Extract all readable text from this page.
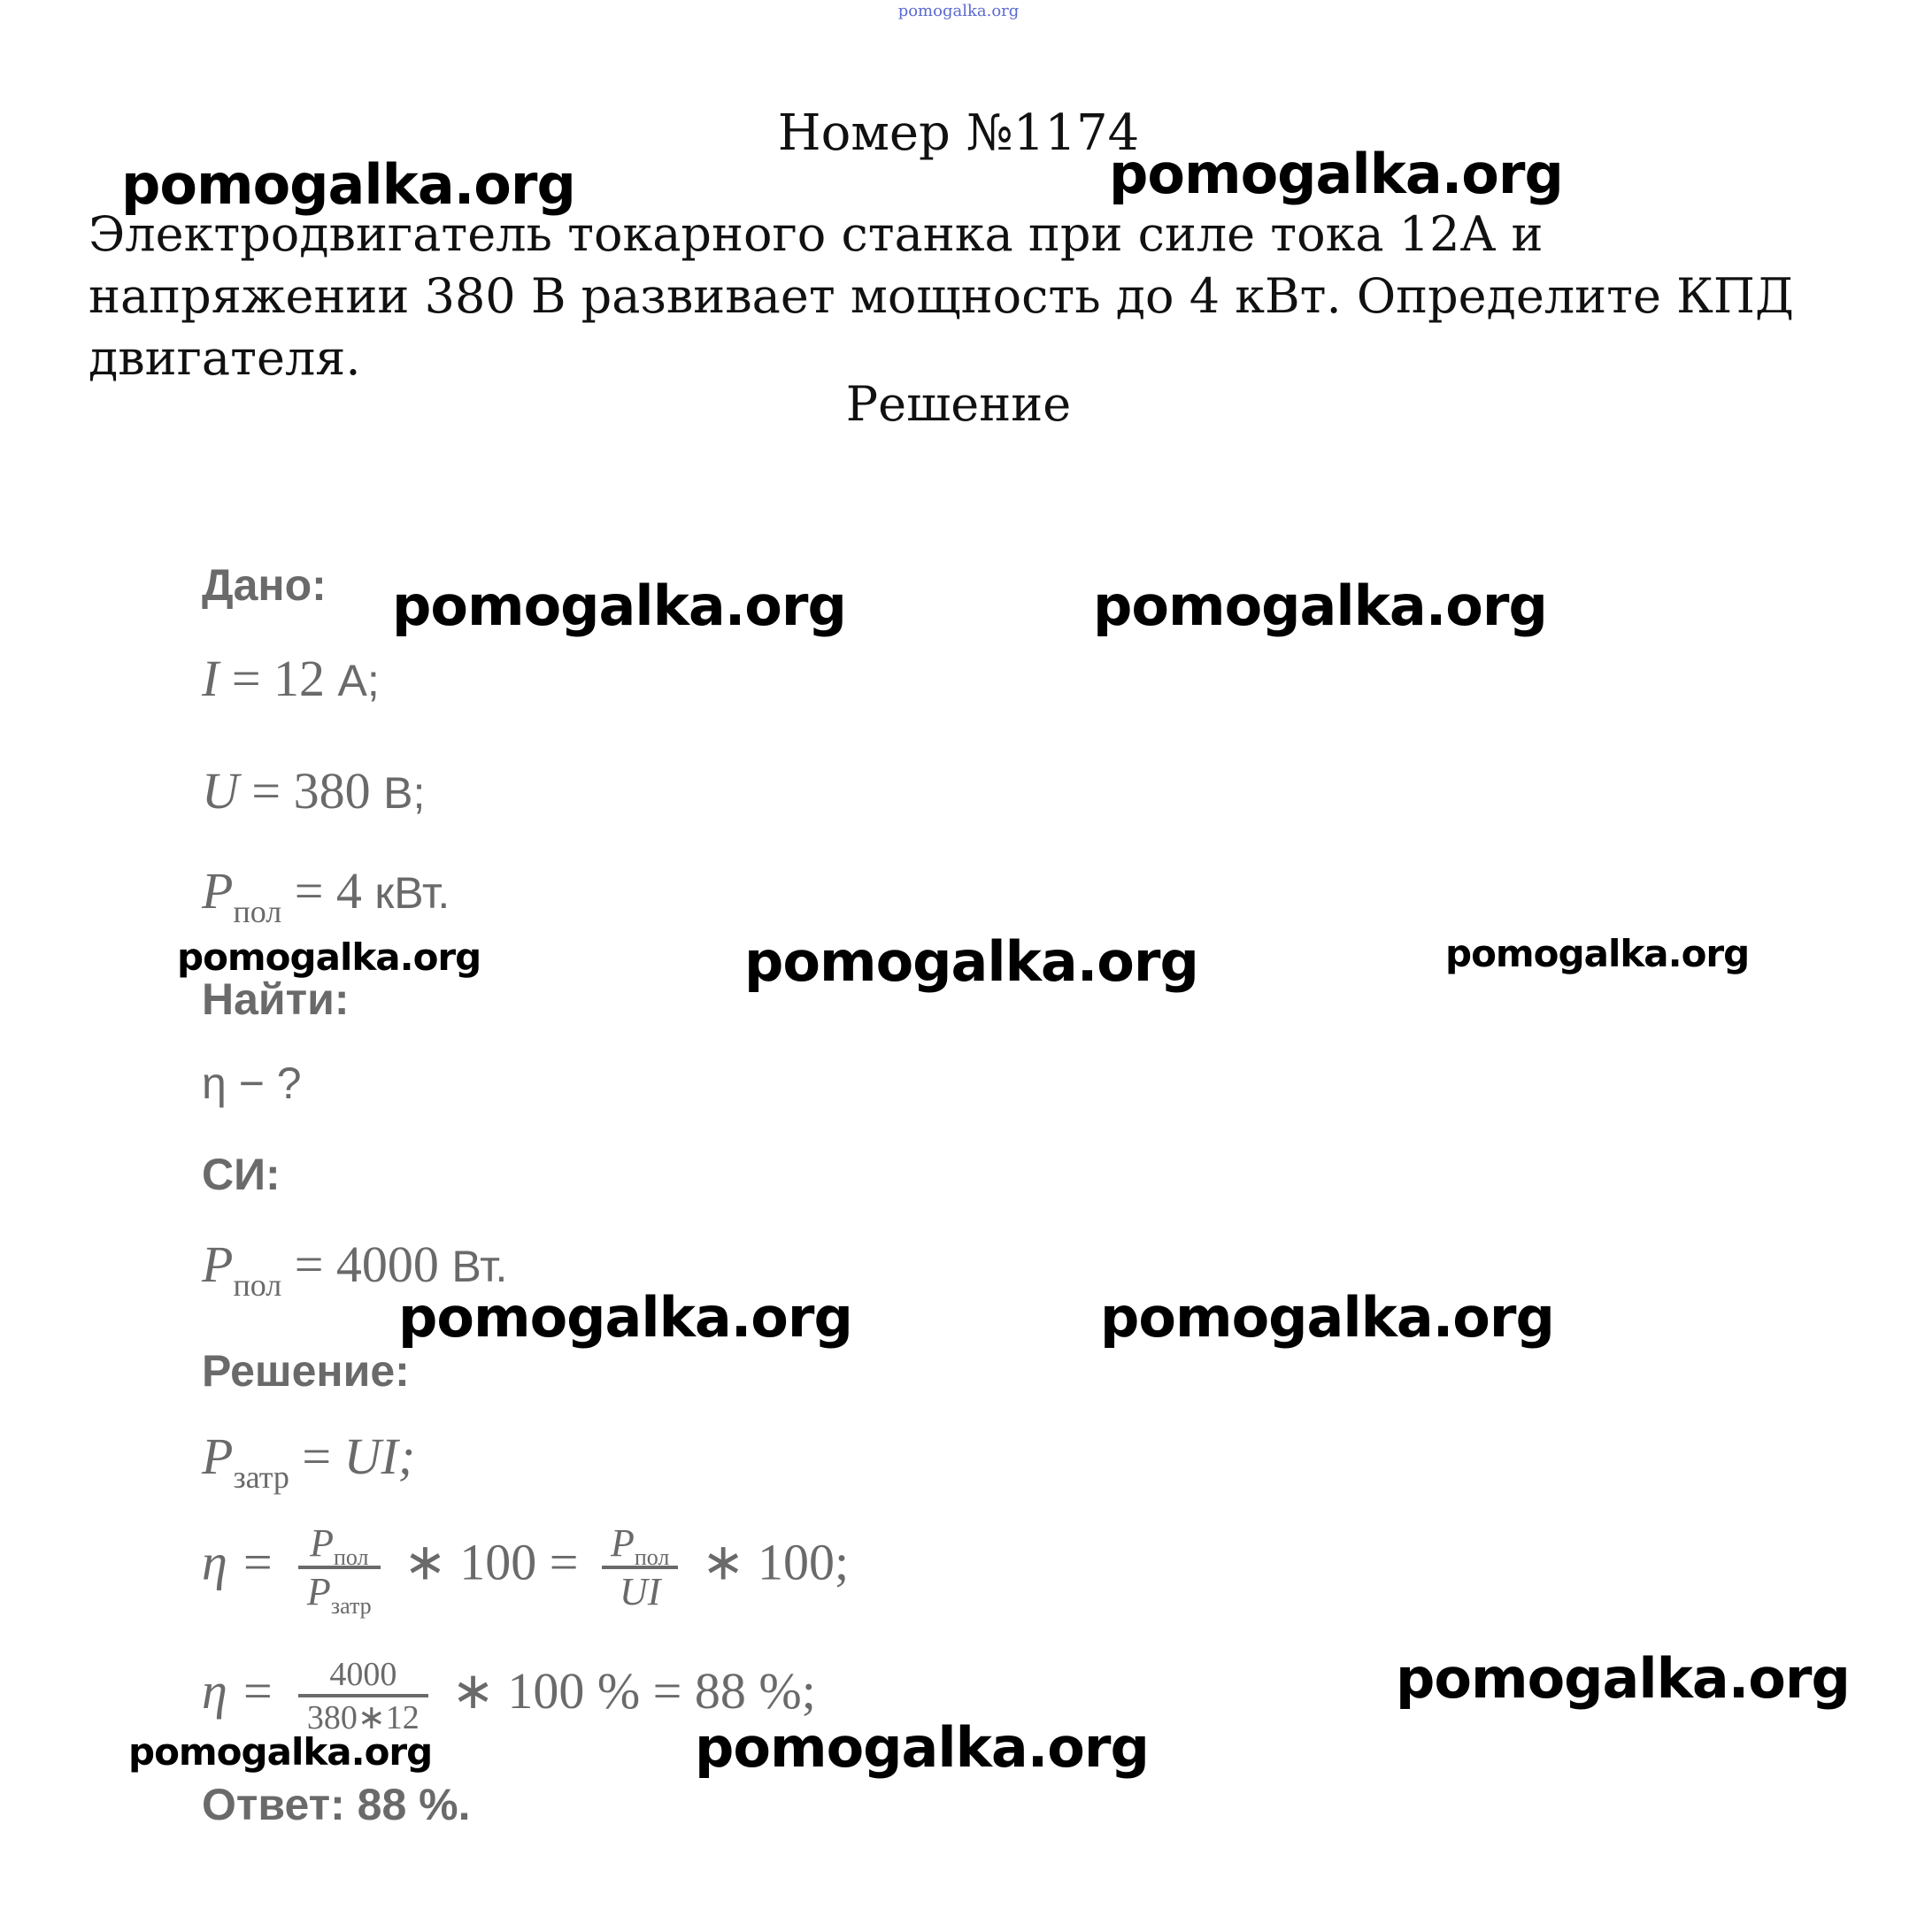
pomogalka.org
Номер №1174
Электродвигатель токарного станка при силе тока 12А и напряжении 380 В развивает мощность до 4 кВт. Определите КПД двигателя.
Решение
Дано:
I = 12 А;
U = 380 В;
$P_{пол} = 4$ кВт.
Найти:
η − ?
СИ:
$P_{пол} = 4000$ Вт.
Решение:
$P_{затр}$ = UI;
$\eta = \frac{P_{пол}}{P_{затр}}$ ∗ $100 = \frac{P_{пол}}{UI}$ ∗ 100;
$\eta = \frac{4000}{380∗12}$ ∗ 100 % = 88 %;
Ответ: 88 %.
pomogalka.org	pomogalka.org
pomogalka.org	pomogalka.org
pomogalka.org	pomogalka.org	pomogalka.org
pomogalka.org	pomogalka.org
pomogalka.org
pomogalka.org	pomogalka.org
